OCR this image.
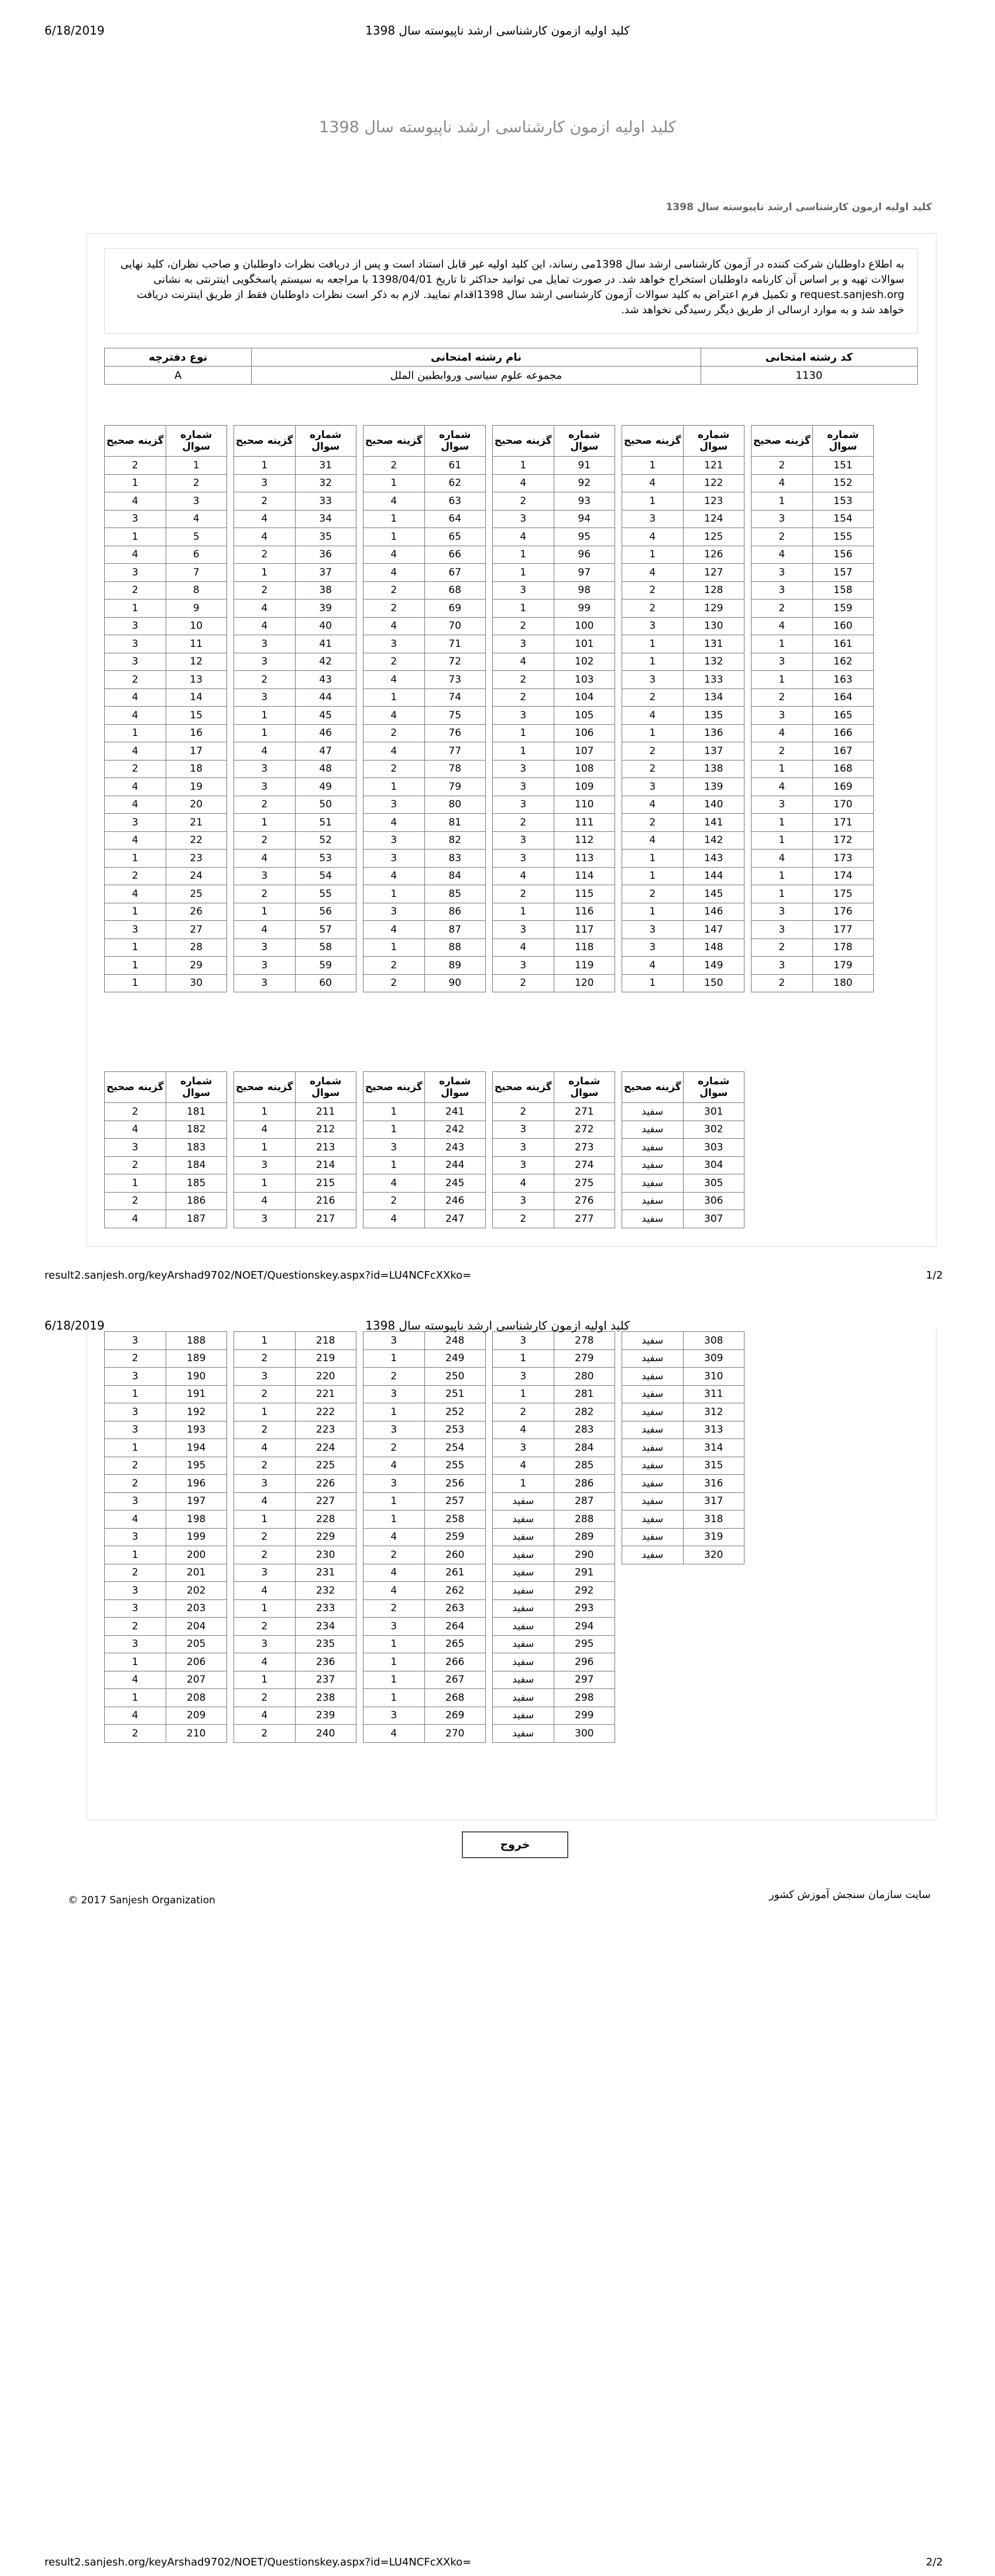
6/18/2019	کلید اولیه ازمون کارشناسی ارشد ناپیوسته سال 1398
کلید اولیه ازمون کارشناسی ارشد ناپیوسته سال 1398
کلید اولیه ازمون کارشناسی ارشد ناپیوسته سال 1398
به اطلاع داوطلبان شرکت کننده در آزمون کارشناسی ارشد سال 1398می رساند، این کلید اولیه غیر قابل استناد است و پس از دریافت نظرات داوطلبان و صاحب نظران، کلید نهایی سوالات تهیه و بر اساس آن کارنامه داوطلبان استخراج خواهد شد. در صورت تمایل می توانید حداکثر تا تاریخ 1398/04/01 با مراجعه به سیستم پاسخگویی اینترنتی به نشانی request.sanjesh.org و تکمیل فرم اعتراض به کلید سوالات آزمون کارشناسی ارشد سال 1398اقدام نمایید. لازم به ذکر است نظرات داوطلبان فقط از طریق اینترنت دریافت خواهد شد و به موارد ارسالی از طریق دیگر رسیدگی نخواهد شد.
کد رشته امتحانی	نام رشته امتحانی	نوع دفترچه
1130	مجموعه علوم سیاسی وروابطبین الملل	A
شماره سوال	گزینه صحیح
1	2
2	1
3	4
4	3
5	1
6	4
7	3
8	2
9	1
10	3
11	3
12	3
13	2
14	4
15	4
16	1
17	4
18	2
19	4
20	4
21	3
22	4
23	1
24	2
25	4
26	1
27	3
28	1
29	1
30	1
شماره سوال	گزینه صحیح
31	1
32	3
33	2
34	4
35	4
36	2
37	1
38	2
39	4
40	4
41	3
42	3
43	2
44	3
45	1
46	1
47	4
48	3
49	3
50	2
51	1
52	2
53	4
54	3
55	2
56	1
57	4
58	3
59	3
60	3
شماره سوال	گزینه صحیح
61	2
62	1
63	4
64	1
65	1
66	4
67	4
68	2
69	2
70	4
71	3
72	2
73	4
74	1
75	4
76	2
77	4
78	2
79	1
80	3
81	4
82	3
83	3
84	4
85	1
86	3
87	4
88	1
89	2
90	2
شماره سوال	گزینه صحیح
91	1
92	4
93	2
94	3
95	4
96	1
97	1
98	3
99	1
100	2
101	3
102	4
103	2
104	2
105	3
106	1
107	1
108	3
109	3
110	3
111	2
112	3
113	3
114	4
115	2
116	1
117	3
118	4
119	3
120	2
شماره سوال	گزینه صحیح
121	1
122	4
123	1
124	3
125	4
126	1
127	4
128	2
129	2
130	3
131	1
132	1
133	3
134	2
135	4
136	1
137	2
138	2
139	3
140	4
141	2
142	4
143	1
144	1
145	2
146	1
147	3
148	3
149	4
150	1
شماره سوال	گزینه صحیح
151	2
152	4
153	1
154	3
155	2
156	4
157	3
158	3
159	2
160	4
161	1
162	3
163	1
164	2
165	3
166	4
167	2
168	1
169	4
170	3
171	1
172	1
173	4
174	1
175	1
176	3
177	3
178	2
179	3
180	2
شماره سوال	گزینه صحیح
181	2
182	4
183	3
184	2
185	1
186	2
187	4
شماره سوال	گزینه صحیح
211	1
212	4
213	1
214	3
215	1
216	4
217	3
شماره سوال	گزینه صحیح
241	1
242	1
243	3
244	1
245	4
246	2
247	4
شماره سوال	گزینه صحیح
271	2
272	3
273	3
274	3
275	4
276	3
277	2
شماره سوال	گزینه صحیح
301	سفید
302	سفید
303	سفید
304	سفید
305	سفید
306	سفید
307	سفید
188	3
189	2
190	3
191	1
192	3
193	3
194	1
195	2
196	2
197	3
198	4
199	3
200	1
201	2
202	3
203	3
204	2
205	3
206	1
207	4
208	1
209	4
210	2
218	1
219	2
220	3
221	2
222	1
223	2
224	4
225	2
226	3
227	4
228	1
229	2
230	2
231	3
232	4
233	1
234	2
235	3
236	4
237	1
238	2
239	4
240	2
248	3
249	1
250	2
251	3
252	1
253	3
254	2
255	4
256	3
257	1
258	1
259	4
260	2
261	4
262	4
263	2
264	3
265	1
266	1
267	1
268	1
269	3
270	4
278	3
279	1
280	3
281	1
282	2
283	4
284	3
285	4
286	1
287	سفید
288	سفید
289	سفید
290	سفید
291	سفید
292	سفید
293	سفید
294	سفید
295	سفید
296	سفید
297	سفید
298	سفید
299	سفید
300	سفید
308	سفید
309	سفید
310	سفید
311	سفید
312	سفید
313	سفید
314	سفید
315	سفید
316	سفید
317	سفید
318	سفید
319	سفید
320	سفید
result2.sanjesh.org/keyArshad9702/NOET/Questionskey.aspx?id=LU4NCFcXXko=	1/2
6/18/2019	کلید اولیه ازمون کارشناسی ارشد ناپیوسته سال 1398
خروج
© 2017 Sanjesh Organization	سایت سازمان سنجش آموزش کشور
result2.sanjesh.org/keyArshad9702/NOET/Questionskey.aspx?id=LU4NCFcXXko=	2/2
